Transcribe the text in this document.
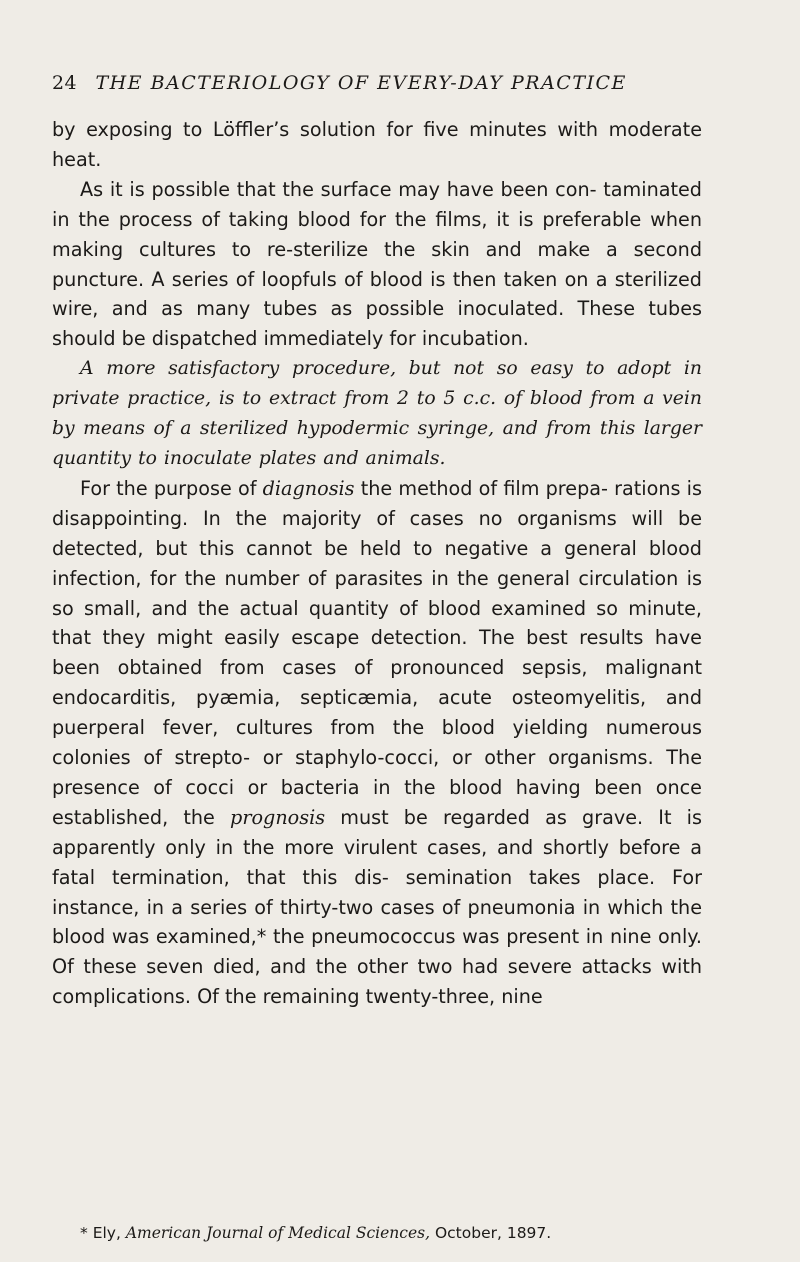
24 THE BACTERIOLOGY OF EVERY-DAY PRACTICE

by exposing to Löffler’s solution for five minutes with moderate heat.

As it is possible that the surface may have been con- taminated in the process of taking blood for the films, it is preferable when making cultures to re-sterilize the skin and make a second puncture. A series of loopfuls of blood is then taken on a sterilized wire, and as many tubes as possible inoculated. These tubes should be dispatched immediately for incubation.

A more satisfactory procedure, but not so easy to adopt in private practice, is to extract from 2 to 5 c.c. of blood from a vein by means of a sterilized hypodermic syringe, and from this larger quantity to inoculate plates and animals.

For the purpose of diagnosis the method of film prepa- rations is disappointing. In the majority of cases no organisms will be detected, but this cannot be held to negative a general blood infection, for the number of parasites in the general circulation is so small, and the actual quantity of blood examined so minute, that they might easily escape detection. The best results have been obtained from cases of pronounced sepsis, malignant endocarditis, pyæmia, septicæmia, acute osteomyelitis, and puerperal fever, cultures from the blood yielding numerous colonies of strepto- or staphylo-cocci, or other organisms. The presence of cocci or bacteria in the blood having been once established, the prognosis must be regarded as grave. It is apparently only in the more virulent cases, and shortly before a fatal termination, that this dis- semination takes place. For instance, in a series of thirty-two cases of pneumonia in which the blood was examined,* the pneumococcus was present in nine only. Of these seven died, and the other two had severe attacks with complications. Of the remaining twenty-three, nine

* Ely, American Journal of Medical Sciences, October, 1897.
